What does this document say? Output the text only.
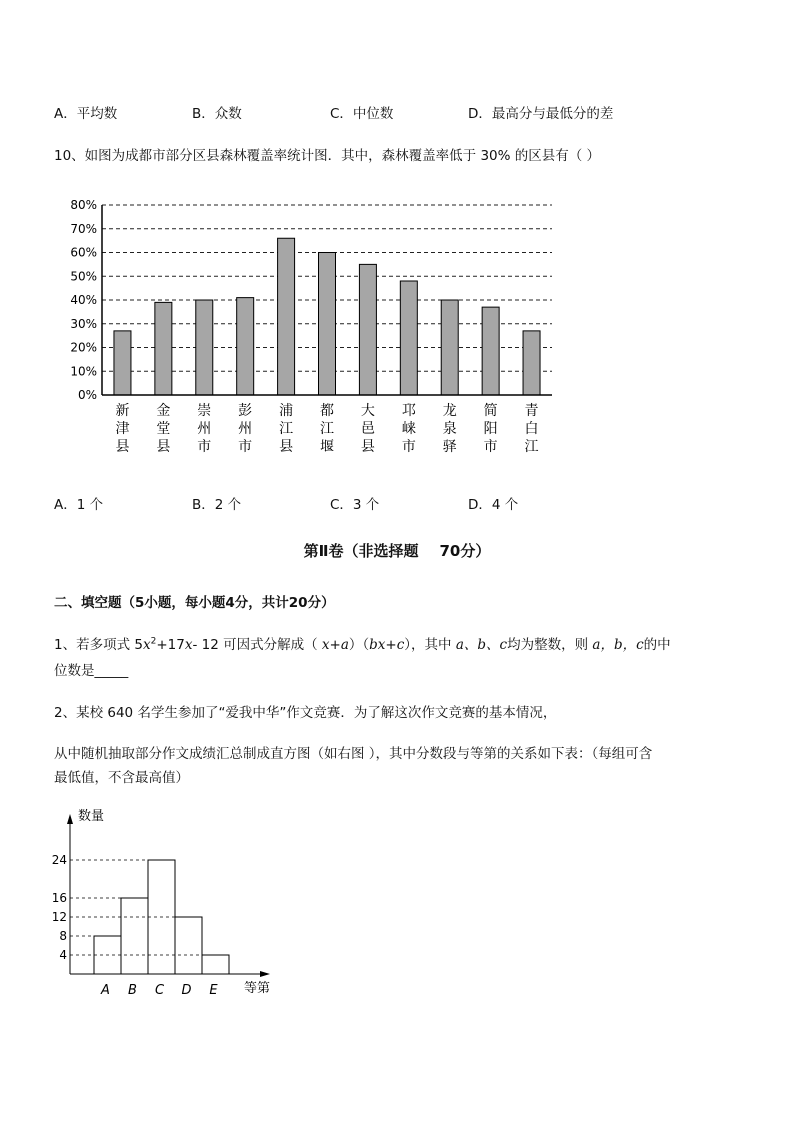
A．平均数	B．众数	C．中位数	D．最高分与最低分的差
10、如图为成都市部分区县森林覆盖率统计图．其中，森林覆盖率低于 30% 的区县有（ ）
0%
10%
20%
30%
40%
50%
60%
70%
80%
新津县
金堂县
崇州市
彭州市
浦江县
都江堰
大邑县
邛崃市
龙泉驿
简阳市
青白江
A．1 个	B．2 个	C．3 个	D．4 个
第Ⅱ卷（非选择题    70分）
二、填空题（5小题，每小题4分，共计20分）
1、若多项式 $5x^2+17x-$ 12 可因式分解成（ x+a）（bx+c），其中 a、b、c均为整数，则 a，b，c的中
位数是_____
2、某校 640 名学生参加了“爱我中华”作文竞赛．为了解这次作文竞赛的基本情况，
从中随机抽取部分作文成绩汇总制成直方图（如右图 ），其中分数段与等第的关系如下表：（每组可含
最低值，不含最高值）
4
8
12
16
24
A B C D E
数量
等第
